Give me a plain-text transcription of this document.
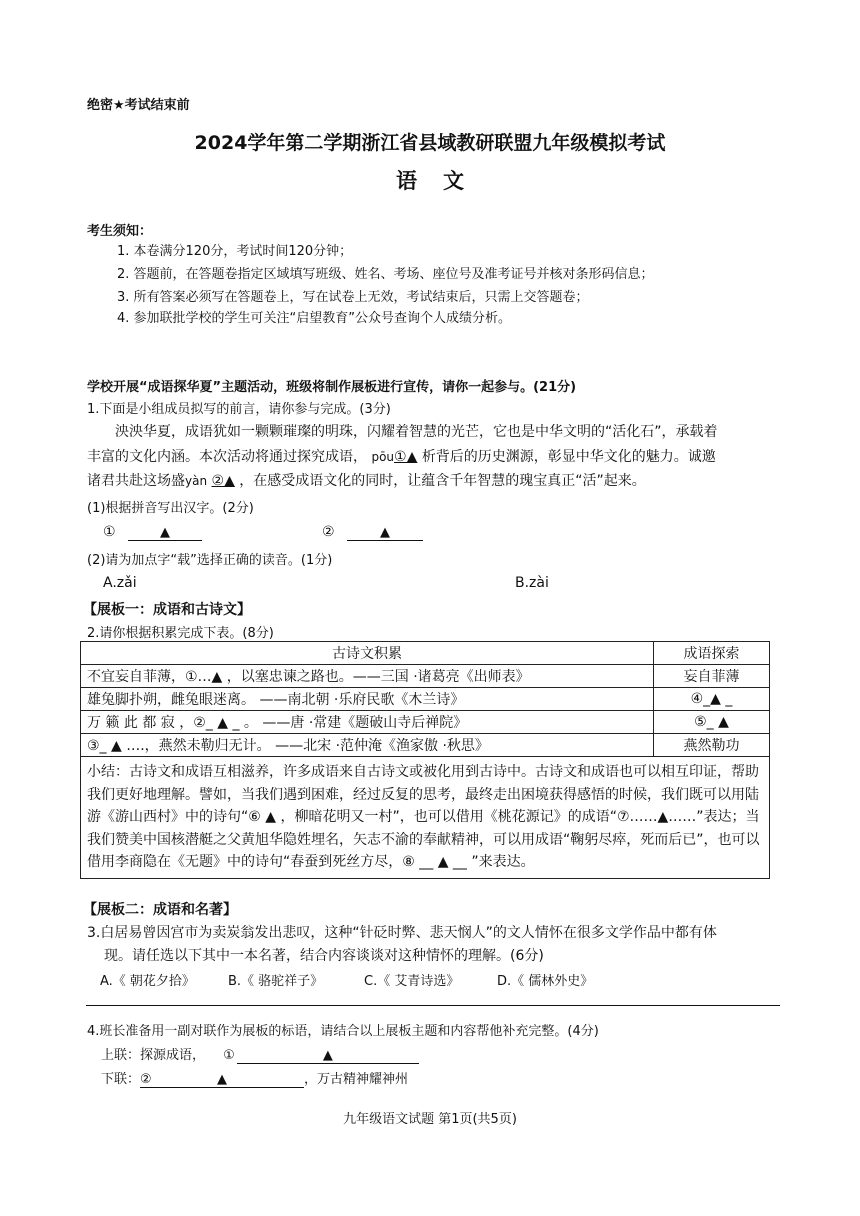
绝密★考试结束前
2024学年第二学期浙江省县域教研联盟九年级模拟考试
语文
考生须知：
1. 本卷满分120分，考试时间120分钟；
2. 答题前，在答题卷指定区域填写班级、姓名、考场、座位号及准考证号并核对条形码信息；
3. 所有答案必须写在答题卷上，写在试卷上无效，考试结束后，只需上交答题卷；
4. 参加联批学校的学生可关注“启望教育”公众号查询个人成绩分析。
学校开展“成语探华夏”主题活动，班级将制作展板进行宣传，请你一起参与。(21分)
1.下面是小组成员拟写的前言，请你参与完成。(3分)
泱泱华夏，成语犹如一颗颗璀璨的明珠，闪耀着智慧的光芒，它也是中华文明的“活化石”，承载着
丰富的文化内涵。本次活动将通过探究成语， pōu①▲ 析背后的历史渊源，彰显中华文化的魅力。诚邀
诸君共赴这场盛yàn ②▲ ，在感受成语文化的同时，让蕴含千年智慧的瑰宝真正“活”起来。
(1)根据拼音写出汉字。(2分)
①	▲	②	▲
(2)请为加点字“载”选择正确的读音。(1分)
A.zǎi	B.zài
【展板一：成语和古诗文】
2.请你根据积累完成下表。(8分)
古诗文积累	成语探索
不宜妄自菲薄，①…▲ ，以塞忠谏之路也。——三国 ·诸葛亮《出师表》	妄自菲薄
雄兔脚扑朔，雌兔眼迷离。 ——南北朝 ·乐府民歌《木兰诗》	④_▲ _
万 籁 此 都 寂 ，②_ ▲ _ 。 ——唐 ·常建《题破山寺后禅院》	⑤_ ▲
③_ ▲ ….，燕然未勒归无计。 ——北宋 ·范仲淹《渔家傲 ·秋思》	燕然勒功
小结：古诗文和成语互相滋养，许多成语来自古诗文或被化用到古诗中。古诗文和成语也可以相互印证，帮助我们更好地理解。譬如，当我们遇到困难，经过反复的思考，最终走出困境获得感悟的时候，我们既可以用陆游《游山西村》中的诗句“⑥ ▲ ，柳暗花明又一村”，也可以借用《桃花源记》的成语“⑦……▲……”表达；当我们赞美中国核潜艇之父黄旭华隐姓埋名，矢志不渝的奉献精神，可以用成语“鞠躬尽瘁，死而后已”，也可以借用李商隐在《无题》中的诗句“春蚕到死丝方尽，⑧ __ ▲ __ ”来表达。	
【展板二：成语和名著】
3.白居易曾因宫市为卖炭翁发出悲叹，这种“针砭时弊、悲天悯人”的文人情怀在很多文学作品中都有体
现。请任选以下其中一本名著，结合内容谈谈对这种情怀的理解。(6分)
A.《 朝花夕拾》	B.《 骆驼祥子》	C.《 艾青诗选》	D.《 儒林外史》
4.班长准备用一副对联作为展板的标语，请结合以上展板主题和内容帮他补充完整。(4分)
上联：探源成语， ①	▲
下联： ②	▲	，万古精神耀神州
九年级语文试题 第1页(共5页)
